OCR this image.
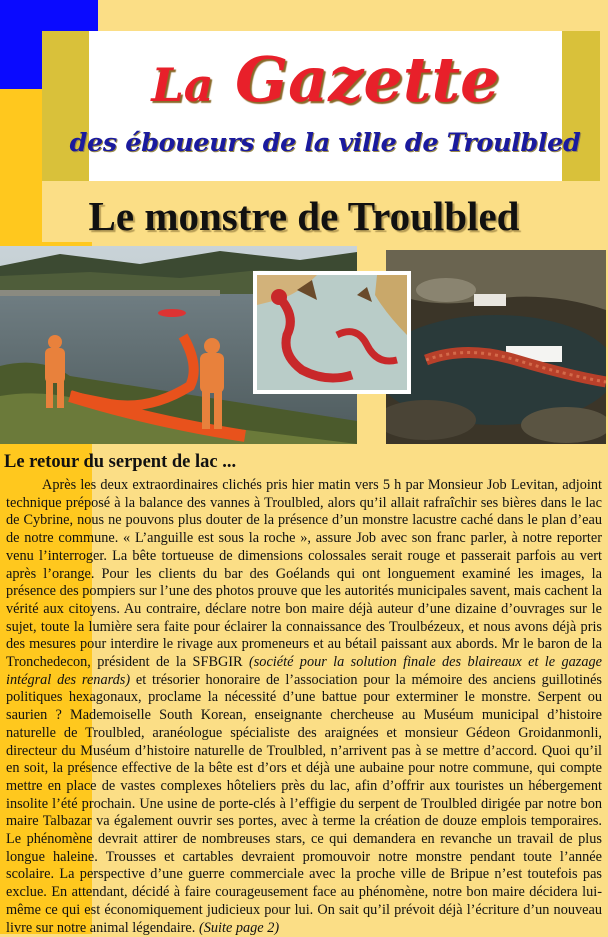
La Gazette
des éboueurs de la ville de Troulbled
Le monstre de Troulbled
Le retour du serpent de lac ...

Après les deux extraordinaires clichés pris hier matin vers 5 h par Monsieur Job Levitan, adjoint technique préposé à la balance des vannes à Troulbled, alors qu’il allait rafraîchir ses bières dans le lac de Cybrine, nous ne pouvons plus douter de la présence d’un monstre lacustre caché dans le plan d’eau de notre commune. « L’anguille est sous la roche », assure Job avec son franc parler, à notre reporter venu l’interroger. La bête tortueuse de dimensions colossales serait rouge et passerait parfois au vert après l’orange. Pour les clients du bar des Goélands qui ont longuement examiné les images, la présence des pompiers sur l’une des photos prouve que les autorités municipales savent, mais cachent la vérité aux citoyens. Au contraire, déclare notre bon maire déjà auteur d’une dizaine d’ouvrages sur le sujet, toute la lumière sera faite pour éclairer la connaissance des Troulbézeux, et nous avons déjà pris des mesures pour interdire le rivage aux promeneurs et au bétail paissant aux abords. Mr le baron de la Tronchedecon, président de la SFBGIR (société pour la solution finale des blaireaux et le gazage intégral des renards) et trésorier honoraire de l’association pour la mémoire des anciens guillotinés politiques hexagonaux, proclame la nécessité d’une battue pour exterminer le monstre. Serpent ou saurien ? Mademoiselle South Korean, enseignante chercheuse au Muséum municipal d’histoire naturelle de Troulbled, aranéologue spécialiste des araignées et monsieur Gédeon Groidanmonli, directeur du Muséum d’histoire naturelle de Troulbled, n’arrivent pas à se mettre d’accord. Quoi qu’il en soit, la présence effective de la bête est d’ors et déjà une aubaine pour notre commune, qui compte mettre en place de vastes complexes hôteliers près du lac, afin d’offrir aux touristes un hébergement insolite l’été prochain. Une usine de porte-clés à l’effigie du serpent de Troulbled dirigée par notre bon maire Talbazar va également ouvrir ses portes, avec à terme la création de douze emplois temporaires. Le phénomène devrait attirer de nombreuses stars, ce qui demandera en revanche un travail de plus longue haleine. Trousses et cartables devraient promouvoir notre monstre pendant toute l’année scolaire. La perspective d’une guerre commerciale avec la proche ville de Bripue n’est toutefois pas exclue. En attendant, décidé à faire courageusement face au phénomène, notre bon maire décidera lui-même ce qui est économiquement judicieux pour lui. On sait qu’il prévoit déjà l’écriture d’un nouveau livre sur notre animal légendaire. (Suite page 2)
